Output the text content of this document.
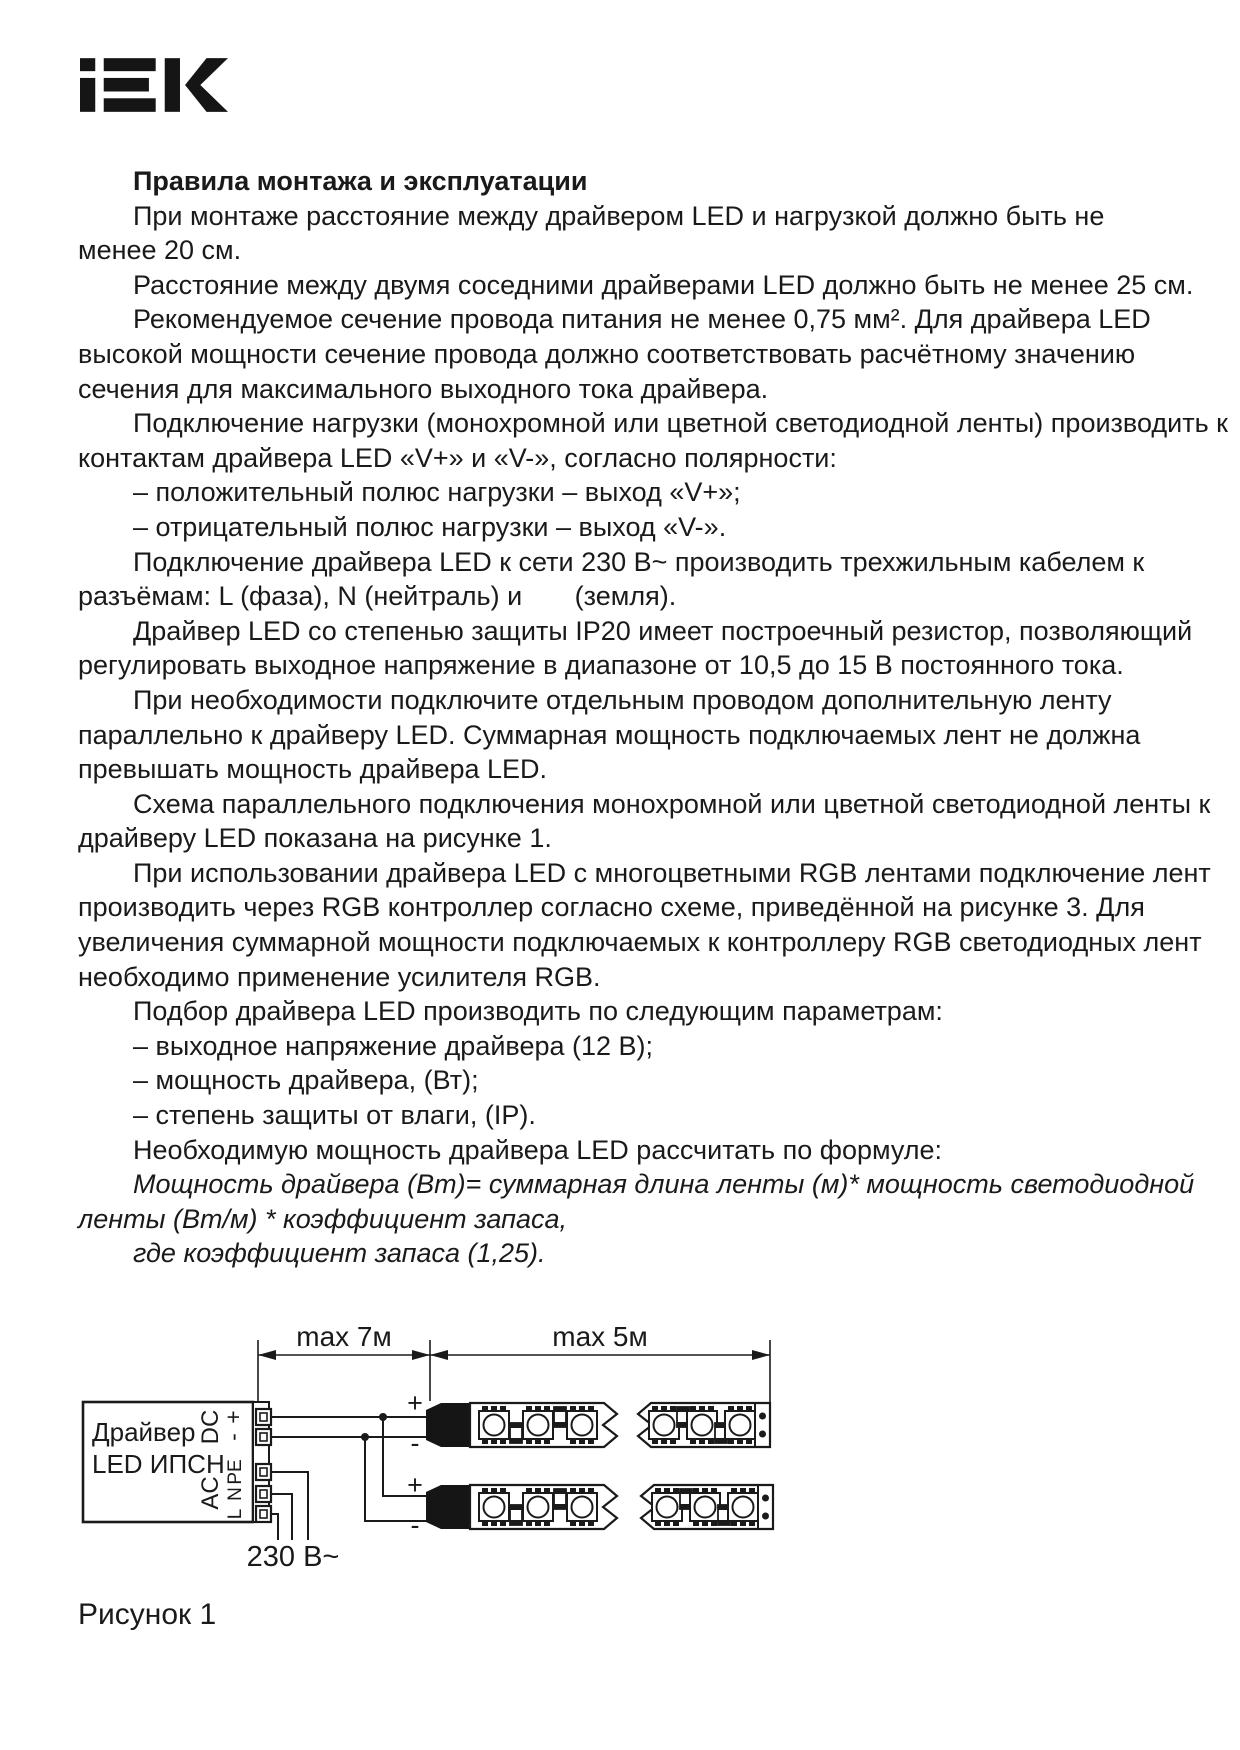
Правила монтажа и эксплуатации
При монтаже расстояние между драйвером LED и нагрузкой должно быть не
менее 20 см.
Расстояние между двумя соседними драйверами LED должно быть не менее 25 см.
Рекомендуемое сечение провода питания не менее 0,75 мм². Для драйвера LED
высокой мощности сечение провода должно соответствовать расчётному значению
сечения для максимального выходного тока драйвера.
Подключение нагрузки (монохромной или цветной светодиодной ленты) производить к
контактам драйвера LED «V+» и «V-», согласно полярности:
– положительный полюс нагрузки – выход «V+»;
– отрицательный полюс нагрузки – выход «V-».
Подключение драйвера LED к сети 230 В~ производить трехжильным кабелем к
разъёмам: L (фаза), N (нейтраль) и       (земля).
Драйвер LED со степенью защиты IP20 имеет построечный резистор, позволяющий
регулировать выходное напряжение в диапазоне от 10,5 до 15 В постоянного тока.
При необходимости подключите отдельным проводом дополнительную ленту
параллельно к драйверу LED. Суммарная мощность подключаемых лент не должна
превышать мощность драйвера LED.
Схема параллельного подключения монохромной или цветной светодиодной ленты к
драйверу LED показана на рисунке 1.
При использовании драйвера LED с многоцветными RGB лентами подключение лент
производить через RGB контроллер согласно схеме, приведённой на рисунке 3. Для
увеличения суммарной мощности подключаемых к контроллеру RGB светодиодных лент
необходимо применение усилителя RGB.
Подбор драйвера LED производить по следующим параметрам:
– выходное напряжение драйвера (12 В);
– мощность драйвера, (Вт);
– степень защиты от влаги, (IP).
Необходимую мощность драйвера LED рассчитать по формуле:
Мощность драйвера (Вт)= суммарная длина ленты (м)* мощность светодиодной
ленты (Вт/м) * коэффициент запаса,
где коэффициент запаса (1,25).
max 7м	max 5м
Драйвер
LED ИПСН
DC
AC
+
-
PE
N
L
230 В~
+
-
+
-
Рисунок 1
